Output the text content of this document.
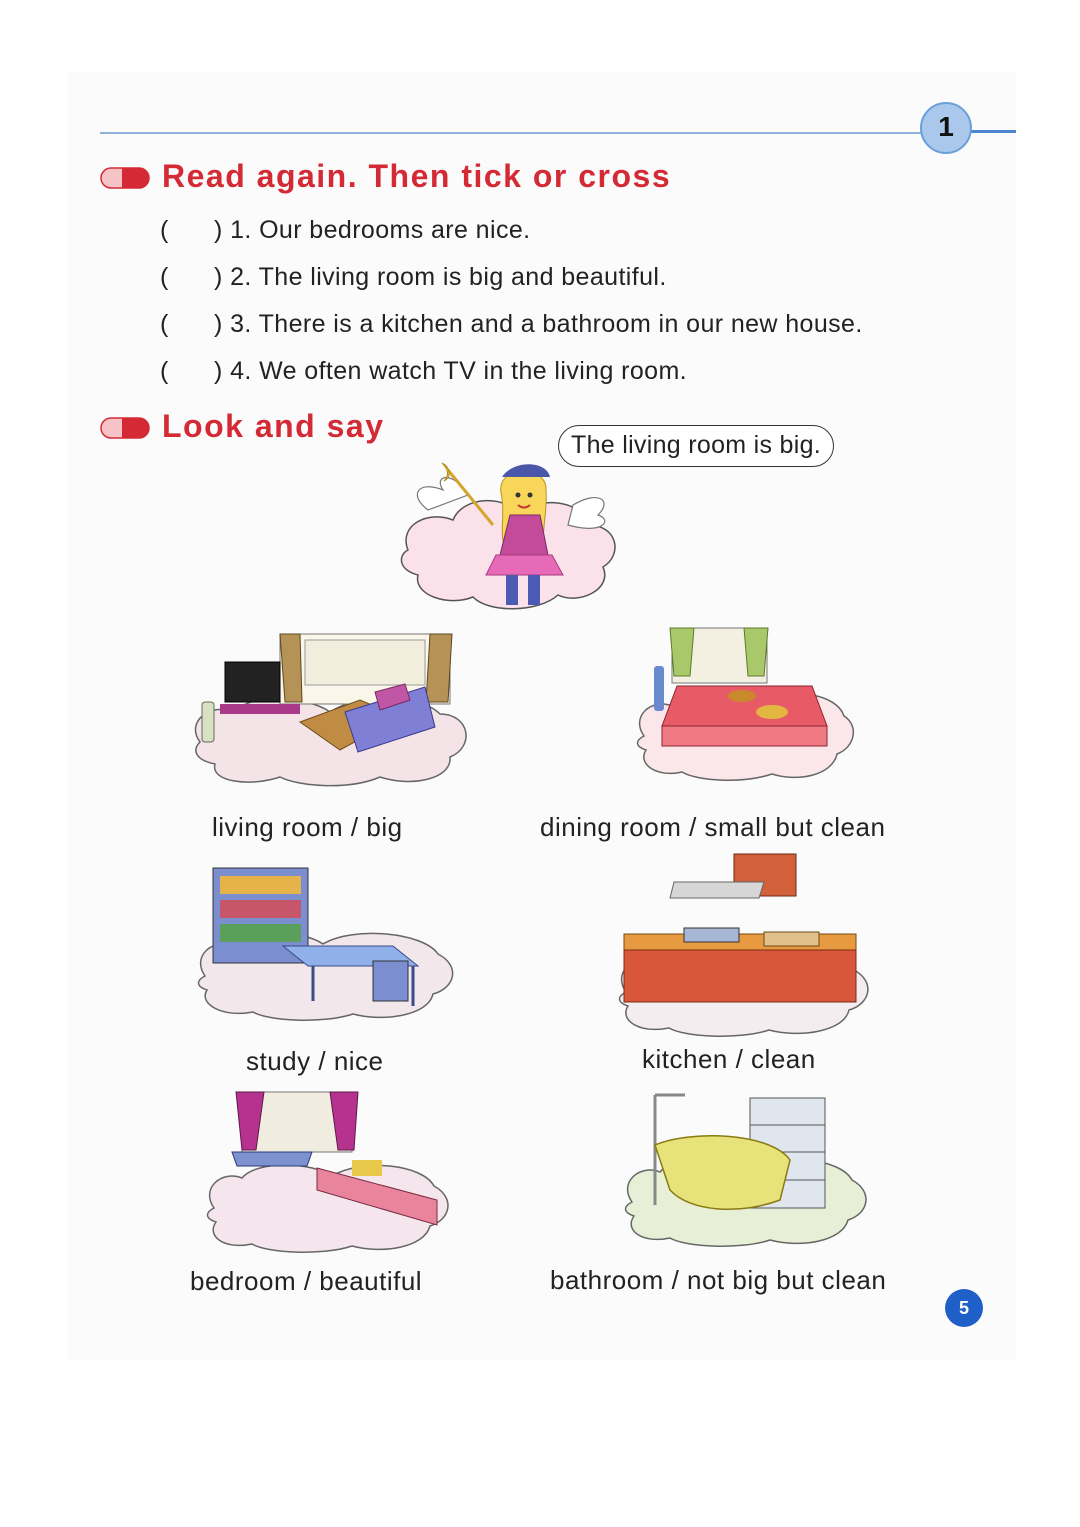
1
Read again. Then tick or cross
( ) 1. Our bedrooms are nice.
( ) 2. The living room is big and beautiful.
( ) 3. There is a kitchen and a bathroom in our new house.
( ) 4. We often watch TV in the living room.
Look and say
The living room is big.
living room / big	dining room / small but clean
study / nice	kitchen / clean
bedroom / beautiful	bathroom / not big but clean
5
